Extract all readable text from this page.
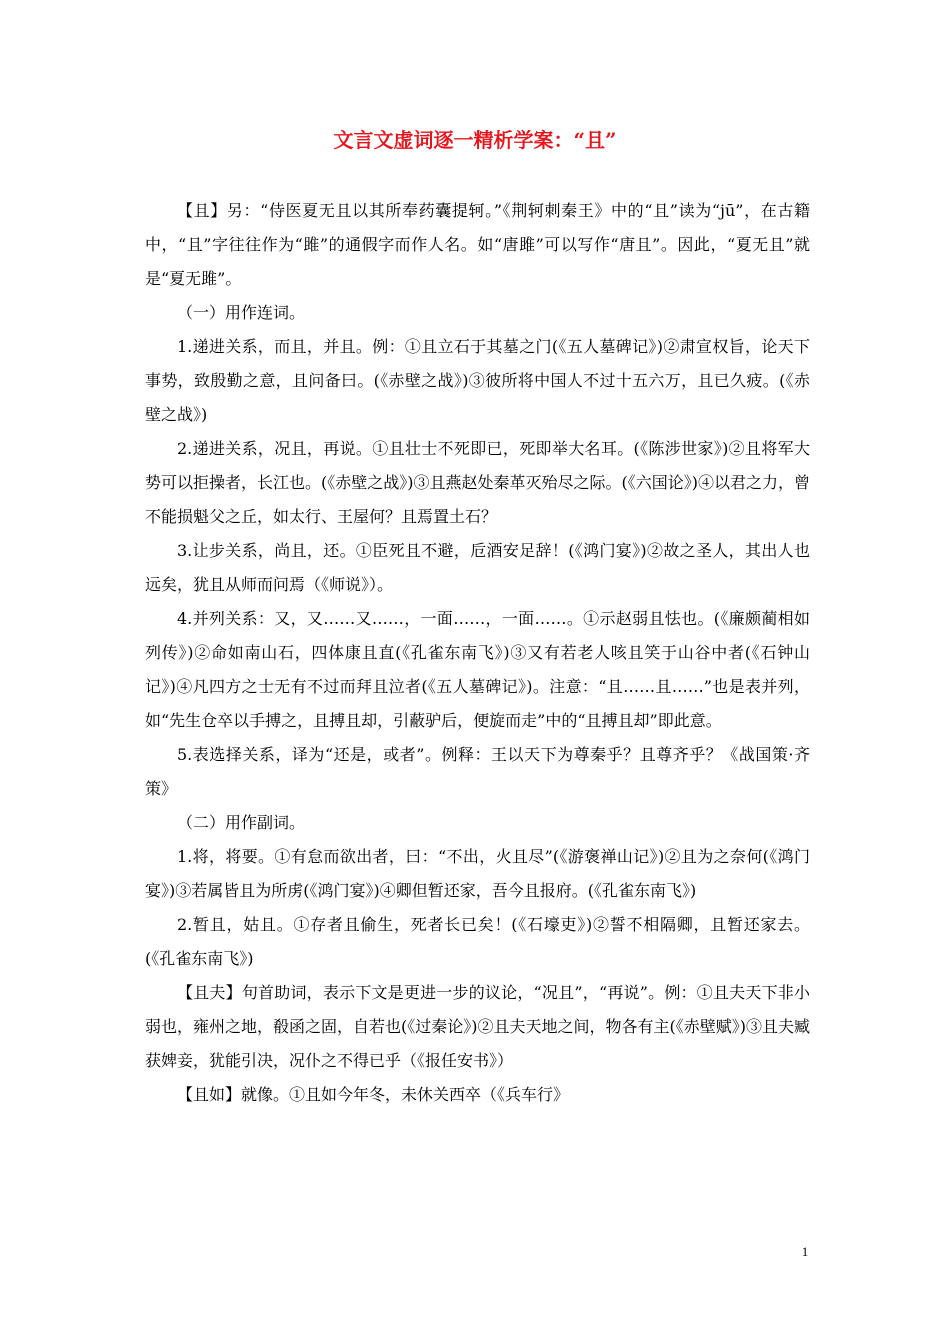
文言文虚词逐一精析学案：“且”

【且】另：“侍医夏无且以其所奉药囊提轲。”《荆轲刺秦王》中的“且”读为“jū”，在古籍中，“且”字往往作为“雎”的通假字而作人名。如“唐雎”可以写作“唐且”。因此，“夏无且”就是“夏无雎”。

（一）用作连词。

1.递进关系，而且，并且。例：①且立石于其墓之门(《五人墓碑记》)②肃宣权旨，论天下事势，致殷勤之意，且问备曰。(《赤壁之战》)③彼所将中国人不过十五六万，且已久疲。(《赤壁之战》)

2.递进关系，况且，再说。①且壮士不死即已，死即举大名耳。(《陈涉世家》)②且将军大势可以拒操者，长江也。(《赤壁之战》)③且燕赵处秦革灭殆尽之际。(《六国论》)④以君之力，曾不能损魁父之丘，如太行、王屋何？且焉置土石？

3.让步关系，尚且，还。①臣死且不避，卮酒安足辞！(《鸿门宴》)②故之圣人，其出人也远矣，犹且从师而问焉（《师说》）。

4.并列关系：又，又……又……，一面……，一面……。①示赵弱且怯也。(《廉颇蔺相如列传》)②命如南山石，四体康且直(《孔雀东南飞》)③又有若老人咳且笑于山谷中者(《石钟山记》)④凡四方之士无有不过而拜且泣者(《五人墓碑记》)。注意：“且……且……”也是表并列，如“先生仓卒以手搏之，且搏且却，引蔽驴后，便旋而走”中的“且搏且却”即此意。

5.表选择关系，译为“还是，或者”。例释：王以天下为尊秦乎？且尊齐乎？《战国策·齐策》

（二）用作副词。

1.将，将要。①有怠而欲出者，曰：“不出，火且尽”(《游褒禅山记》)②且为之奈何(《鸿门宴》)③若属皆且为所虏(《鸿门宴》)④卿但暂还家，吾今且报府。(《孔雀东南飞》)

2.暂且，姑且。①存者且偷生，死者长已矣！(《石壕吏》)②誓不相隔卿，且暂还家去。(《孔雀东南飞》)

【且夫】句首助词，表示下文是更进一步的议论，“况且”，“再说”。例：①且夫天下非小弱也，雍州之地，殽函之固，自若也(《过秦论》)②且夫天地之间，物各有主(《赤壁赋》)③且夫臧获婢妾，犹能引决，况仆之不得已乎（《报任安书》）

【且如】就像。①且如今年冬，未休关西卒（《兵车行》

1
